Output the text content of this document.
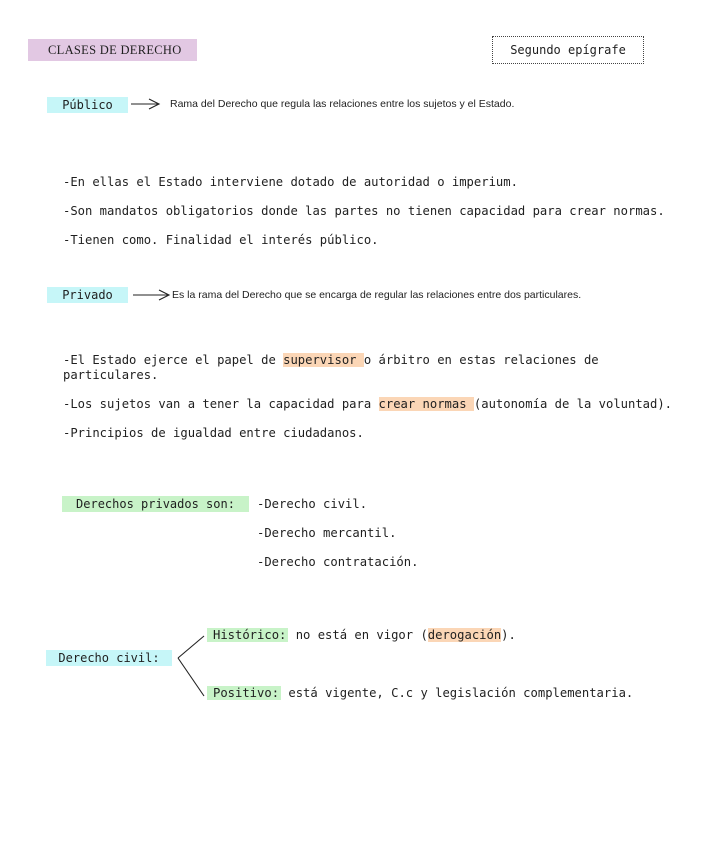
CLASES DE DERECHO	Segundo epígrafe
Público	Rama del Derecho que regula las relaciones entre los sujetos y el Estado.
-En ellas el Estado interviene dotado de autoridad o imperium.
-Son mandatos obligatorios donde las partes no tienen capacidad para crear normas.
-Tienen como. Finalidad el interés público.
Privado	Es la rama del Derecho que se encarga de regular las relaciones entre dos particulares.
-El Estado ejerce el papel de supervisor o árbitro en estas relaciones de
particulares.
-Los sujetos van a tener la capacidad para crear normas (autonomía de la voluntad).
-Principios de igualdad entre ciudadanos.
Derechos privados son:	-Derecho civil.
-Derecho mercantil.
-Derecho contratación.
Derecho civil:
Histórico: no está en vigor (derogación).
Positivo: está vigente, C.c y legislación complementaria.
